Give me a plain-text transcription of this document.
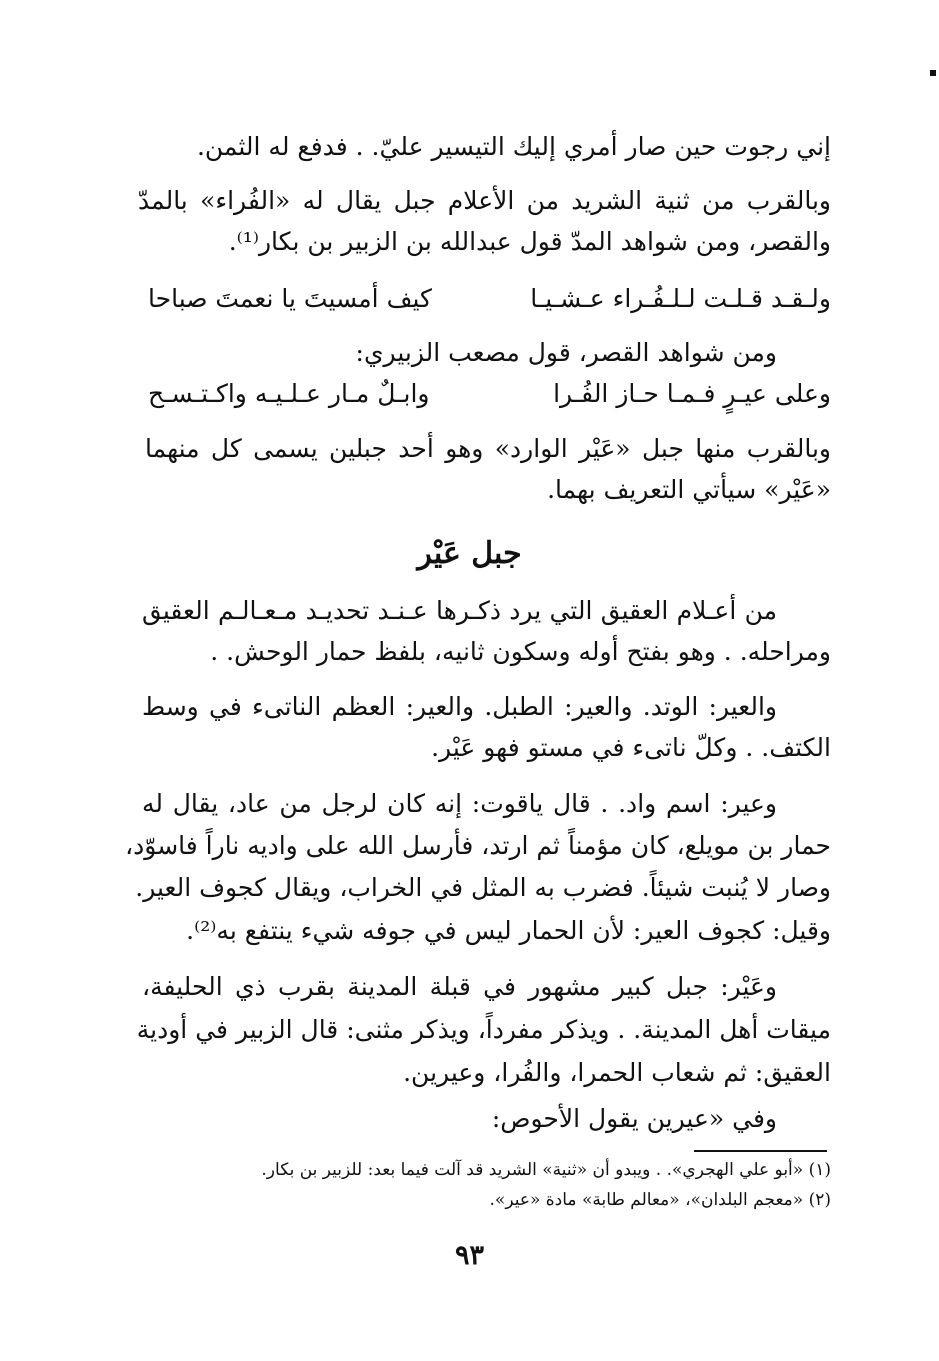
إني رجوت حين صار أمري إليك التيسير عليّ. . فدفع له الثمن.
وبالقرب من ثنية الشريد من الأعلام جبل يقال له «الفُراء» بالمدّ
والقصر، ومن شواهد المدّ قول عبدالله بن الزبير بن بكار⁽¹⁾.
ولـقـد قـلـت لـلـفُـراء عـشـيـا
كيف أمسيتَ يا نعمتَ صباحا
ومن شواهد القصر، قول مصعب الزبيري:
وعلى عيـرٍ فـمـا حـاز الفُـرا
وابـلٌ مـار عـلـيـه واكـتـسـح
وبالقرب منها جبل «عَيْر الوارد» وهو أحد جبلين يسمى كل منهما
«عَيْر» سيأتي التعريف بهما.
جبل عَيْر
من أعـلام العقيق التي يرد ذكـرها عـنـد تحديـد مـعـالـم العقيق
ومراحله. . وهو بفتح أوله وسكون ثانيه، بلفظ حمار الوحش. .
والعير: الوتد. والعير: الطبل. والعير: العظم الناتىء في وسط
الكتف. . وكلّ ناتىء في مستو فهو عَيْر.
وعير: اسم واد. . قال ياقوت: إنه كان لرجل من عاد، يقال له
حمار بن مويلع، كان مؤمناً ثم ارتد، فأرسل الله على واديه ناراً فاسوّد،
وصار لا يُنبت شيئاً. فضرب به المثل في الخراب، ويقال كجوف العير.
وقيل: كجوف العير: لأن الحمار ليس في جوفه شيء ينتفع به⁽²⁾.
وعَيْر: جبل كبير مشهور في قبلة المدينة بقرب ذي الحليفة،
ميقات أهل المدينة. . ويذكر مفرداً، ويذكر مثنى: قال الزبير في أودية
العقيق: ثم شعاب الحمرا، والفُرا، وعيرين.
وفي «عيرين يقول الأحوص:
(١) «أبو علي الهجري». . ويبدو أن «ثنية» الشريد قد آلت فيما بعد: للزبير بن بكار.
(٢) «معجم البلدان»، «معالم طابة» مادة «عير».
٩٣
